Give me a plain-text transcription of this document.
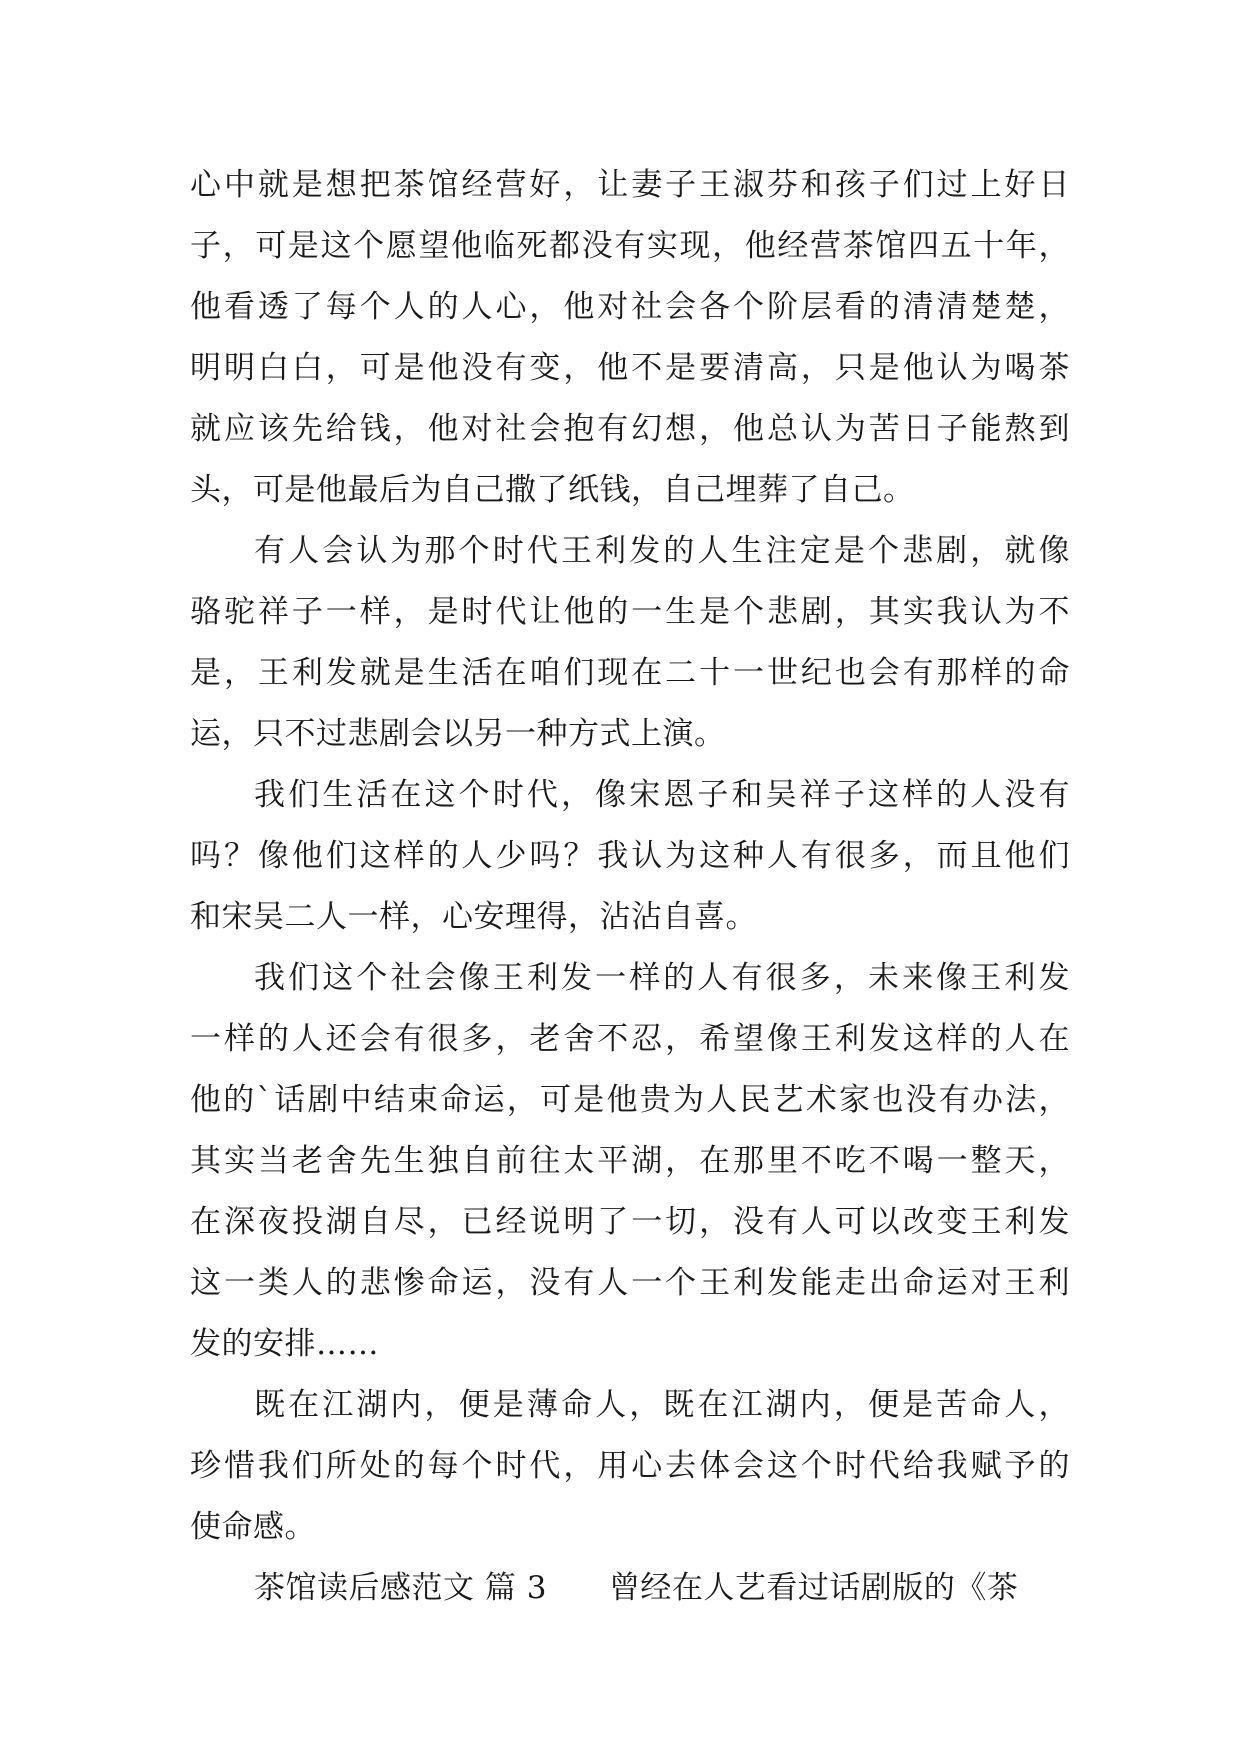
心中就是想把茶馆经营好，让妻子王淑芬和孩子们过上好日
子，可是这个愿望他临死都没有实现，他经营茶馆四五十年，
他看透了每个人的人心，他对社会各个阶层看的清清楚楚，
明明白白，可是他没有变，他不是要清高，只是他认为喝茶
就应该先给钱，他对社会抱有幻想，他总认为苦日子能熬到
头，可是他最后为自己撒了纸钱，自己埋葬了自己。
有人会认为那个时代王利发的人生注定是个悲剧，就像
骆驼祥子一样，是时代让他的一生是个悲剧，其实我认为不
是，王利发就是生活在咱们现在二十一世纪也会有那样的命
运，只不过悲剧会以另一种方式上演。
我们生活在这个时代，像宋恩子和吴祥子这样的人没有
吗？像他们这样的人少吗？我认为这种人有很多，而且他们
和宋吴二人一样，心安理得，沾沾自喜。
我们这个社会像王利发一样的人有很多，未来像王利发
一样的人还会有很多，老舍不忍，希望像王利发这样的人在
他的`话剧中结束命运，可是他贵为人民艺术家也没有办法，
其实当老舍先生独自前往太平湖，在那里不吃不喝一整天，
在深夜投湖自尽，已经说明了一切，没有人可以改变王利发
这一类人的悲惨命运，没有人一个王利发能走出命运对王利
发的安排……
既在江湖内，便是薄命人，既在江湖内，便是苦命人，
珍惜我们所处的每个时代，用心去体会这个时代给我赋予的
使命感。
茶馆读后感范文 篇 3 曾经在人艺看过话剧版的《茶
